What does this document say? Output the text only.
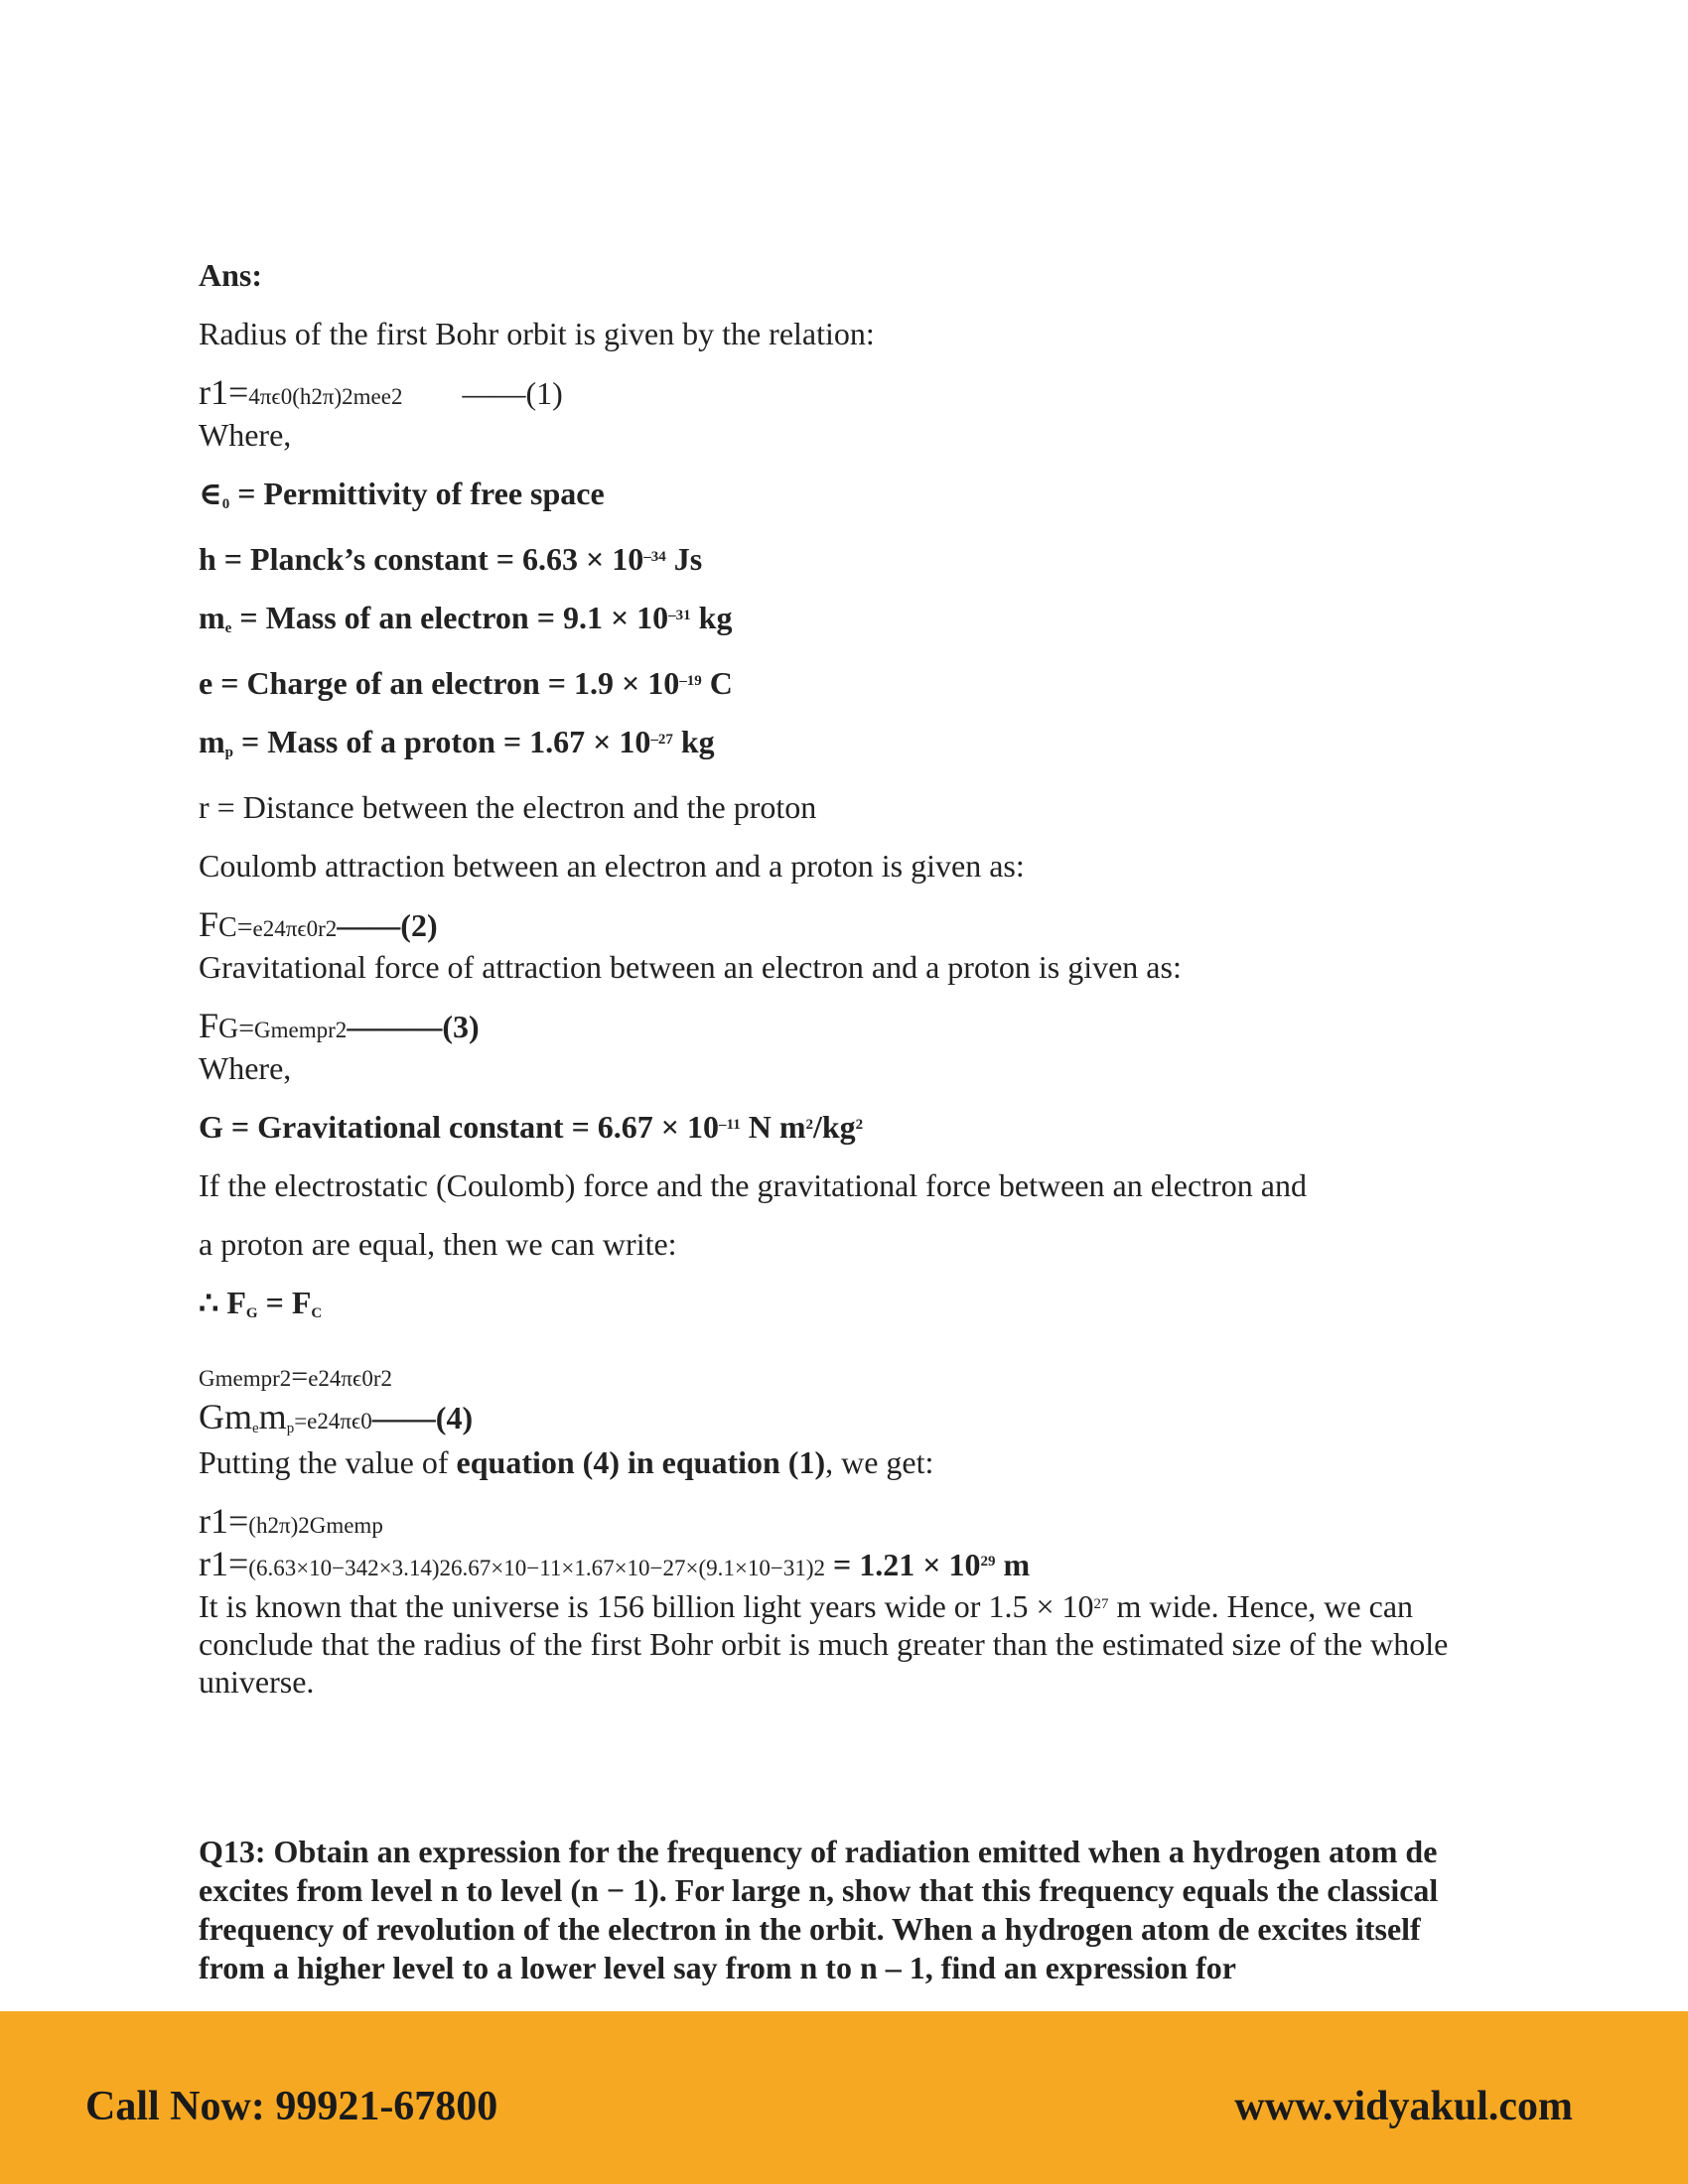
Ans:

Radius of the first Bohr orbit is given by the relation:

r1=4πϵ0(h2π)2mee2 ——(1)

Where,

$\in_0$ = Permittivity of free space

h = Planck’s constant = $6.63 \times 10^{-34}$ Js

$m_e$ = Mass of an electron = $9.1 \times 10^{-31}$ kg

e = Charge of an electron = $1.9 \times 10^{-19}$ C

$m_p$ = Mass of a proton = $1.67 \times 10^{-27}$ kg

r = Distance between the electron and the proton

Coulomb attraction between an electron and a proton is given as:

FC=e24πϵ0r2——(2)

Gravitational force of attraction between an electron and a proton is given as:

FG=Gmempr2———(3)

Where,

G = Gravitational constant = $6.67 \times 10^{-11}$ N $m^2/kg^2$

If the electrostatic (Coulomb) force and the gravitational force between an electron and

a proton are equal, then we can write:

∴ $F_G = F_C$

Gmempr2=e24πϵ0r2

$Gm_em_p=e24\pi\epsilon 0——(4)$

Putting the value of equation (4) in equation (1), we get:

r1=(h2π)2Gmemp

$r1=(6.63\times 10-342\times 3.14)26.67\times 10-11\times 1.67\times 10-27\times(9.1\times 10-31)2 = 1.21 \times 10^{29}$ m

It is known that the universe is 156 billion light years wide or $1.5 \times 10^{27}$ m wide. Hence, we can conclude that the radius of the first Bohr orbit is much greater than the estimated size of the whole universe.

Q13: Obtain an expression for the frequency of radiation emitted when a hydrogen atom de excites from level n to level (n − 1). For large n, show that this frequency equals the classical frequency of revolution of the electron in the orbit. When a hydrogen atom de excites itself from a higher level to a lower level say from n to n – 1, find an expression for

Call Now: 99921-67800	www.vidyakul.com
